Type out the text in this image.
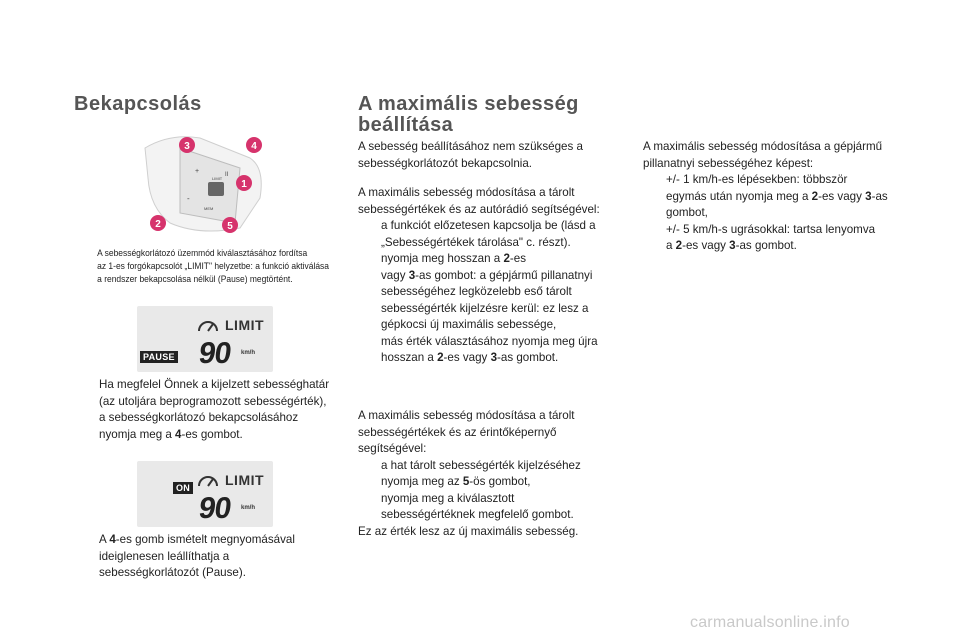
Bekapcsolás
+	II
LIMIT
-
MEM
3	4
1
2	5
A sebességkorlátozó üzemmód kiválasztásához fordítsa
az 1-es forgókapcsolót „LIMIT" helyzetbe: a funkció aktiválása
a rendszer bekapcsolása nélkül (Pause) megtörtént.
LIMIT
PAUSE 90 km/h
Ha megfelel Önnek a kijelzett sebességhatár
(az utoljára beprogramozott sebességérték),
a sebességkorlátozó bekapcsolásához
nyomja meg a 4-es gombot.
LIMIT
ON
90 km/h
A 4-es gomb ismételt megnyomásával
ideiglenesen leállíthatja a
sebességkorlátozót (Pause).
A maximális sebesség
beállítása
A sebesség beállításához nem szükséges a
sebességkorlátozót bekapcsolnia.
A maximális sebesség módosítása a tárolt
sebességértékek és az autórádió segítségével:
a funkciót előzetesen kapcsolja be (lásd a
„Sebességértékek tárolása" c. részt).
nyomja meg hosszan a 2-es
vagy 3-as gombot: a gépjármű pillanatnyi
sebességéhez legközelebb eső tárolt
sebességérték kijelzésre kerül: ez lesz a
gépkocsi új maximális sebessége,
más érték választásához nyomja meg újra
hosszan a 2-es vagy 3-as gombot.
A maximális sebesség módosítása a tárolt
sebességértékek és az érintőképernyő
segítségével:
a hat tárolt sebességérték kijelzéséhez
nyomja meg az 5-ös gombot,
nyomja meg a kiválasztott
sebességértéknek megfelelő gombot.
Ez az érték lesz az új maximális sebesség.
A maximális sebesség módosítása a gépjármű
pillanatnyi sebességéhez képest:
+/- 1 km/h-es lépésekben: többször
egymás után nyomja meg a 2-es vagy 3-as gombot,
+/- 5 km/h-s ugrásokkal: tartsa lenyomva
a 2-es vagy 3-as gombot.
carmanualsonline.info
